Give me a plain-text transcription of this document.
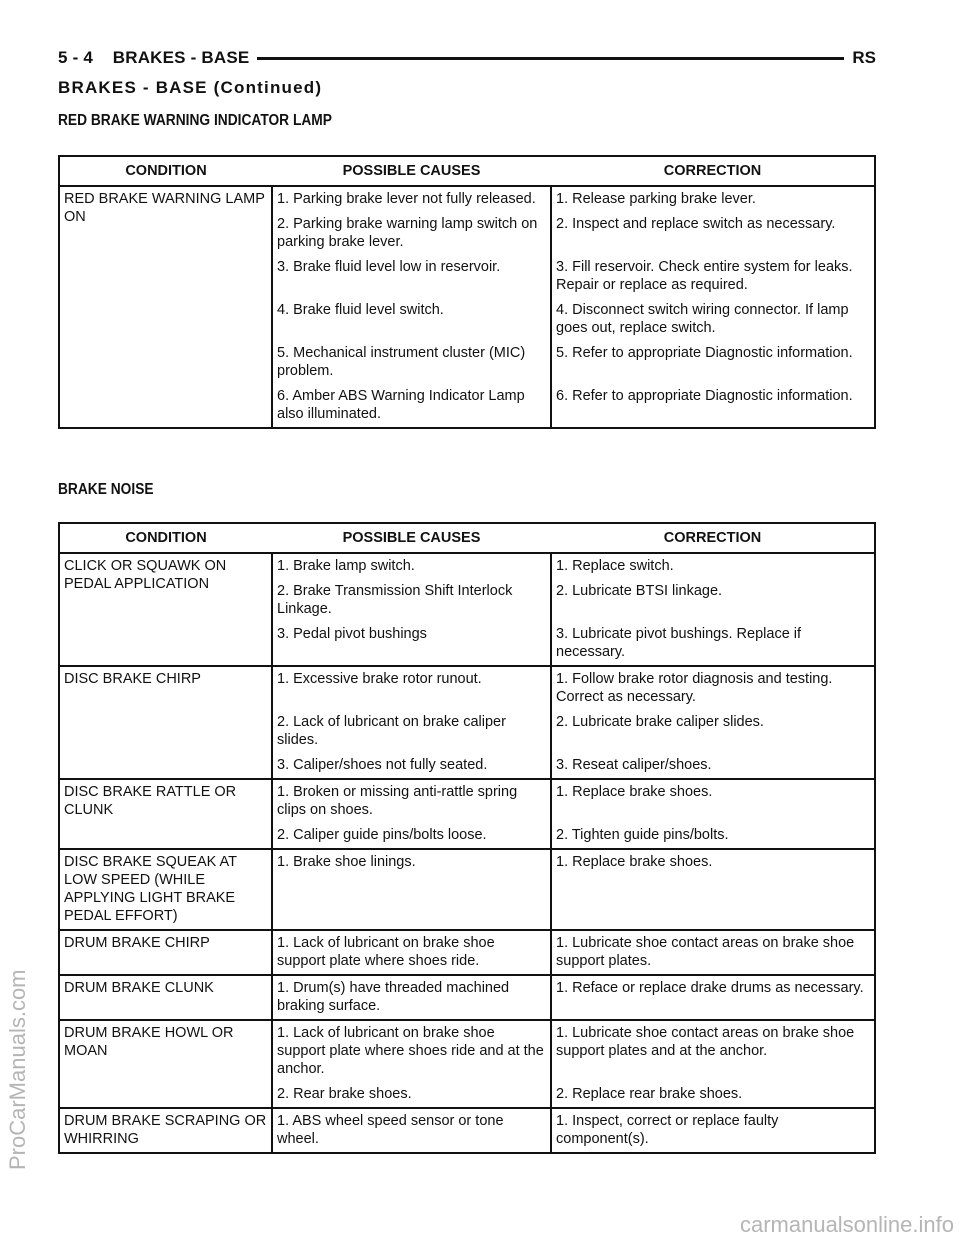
5 - 4 BRAKES - BASE	RS
BRAKES - BASE (Continued)
RED BRAKE WARNING INDICATOR LAMP
CONDITION	POSSIBLE CAUSES	CORRECTION
RED BRAKE WARNING LAMP ON	1. Parking brake lever not fully released.	1. Release parking brake lever.
	2. Parking brake warning lamp switch on parking brake lever.	2. Inspect and replace switch as necessary.
	3. Brake fluid level low in reservoir.	3. Fill reservoir. Check entire system for leaks. Repair or replace as required.
	4. Brake fluid level switch.	4. Disconnect switch wiring connector. If lamp goes out, replace switch.
	5. Mechanical instrument cluster (MIC) problem.	5. Refer to appropriate Diagnostic information.
	6. Amber ABS Warning Indicator Lamp also illuminated.	6. Refer to appropriate Diagnostic information.
BRAKE NOISE
CONDITION	POSSIBLE CAUSES	CORRECTION
CLICK OR SQUAWK ON PEDAL APPLICATION	1. Brake lamp switch.	1. Replace switch.
	2. Brake Transmission Shift Interlock Linkage.	2. Lubricate BTSI linkage.
	3. Pedal pivot bushings	3. Lubricate pivot bushings. Replace if necessary.
DISC BRAKE CHIRP	1. Excessive brake rotor runout.	1. Follow brake rotor diagnosis and testing. Correct as necessary.
	2. Lack of lubricant on brake caliper slides.	2. Lubricate brake caliper slides.
	3. Caliper/shoes not fully seated.	3. Reseat caliper/shoes.
DISC BRAKE RATTLE OR CLUNK	1. Broken or missing anti-rattle spring clips on shoes.	1. Replace brake shoes.
	2. Caliper guide pins/bolts loose.	2. Tighten guide pins/bolts.
DISC BRAKE SQUEAK AT LOW SPEED (WHILE APPLYING LIGHT BRAKE PEDAL EFFORT)	1. Brake shoe linings.	1. Replace brake shoes.
DRUM BRAKE CHIRP	1. Lack of lubricant on brake shoe support plate where shoes ride.	1. Lubricate shoe contact areas on brake shoe support plates.
DRUM BRAKE CLUNK	1. Drum(s) have threaded machined braking surface.	1. Reface or replace drake drums as necessary.
DRUM BRAKE HOWL OR MOAN	1. Lack of lubricant on brake shoe support plate where shoes ride and at the anchor.	1. Lubricate shoe contact areas on brake shoe support plates and at the anchor.
	2. Rear brake shoes.	2. Replace rear brake shoes.
DRUM BRAKE SCRAPING OR WHIRRING	1. ABS wheel speed sensor or tone wheel.	1. Inspect, correct or replace faulty component(s).
ProCarManuals.com
carmanualsonline.info
